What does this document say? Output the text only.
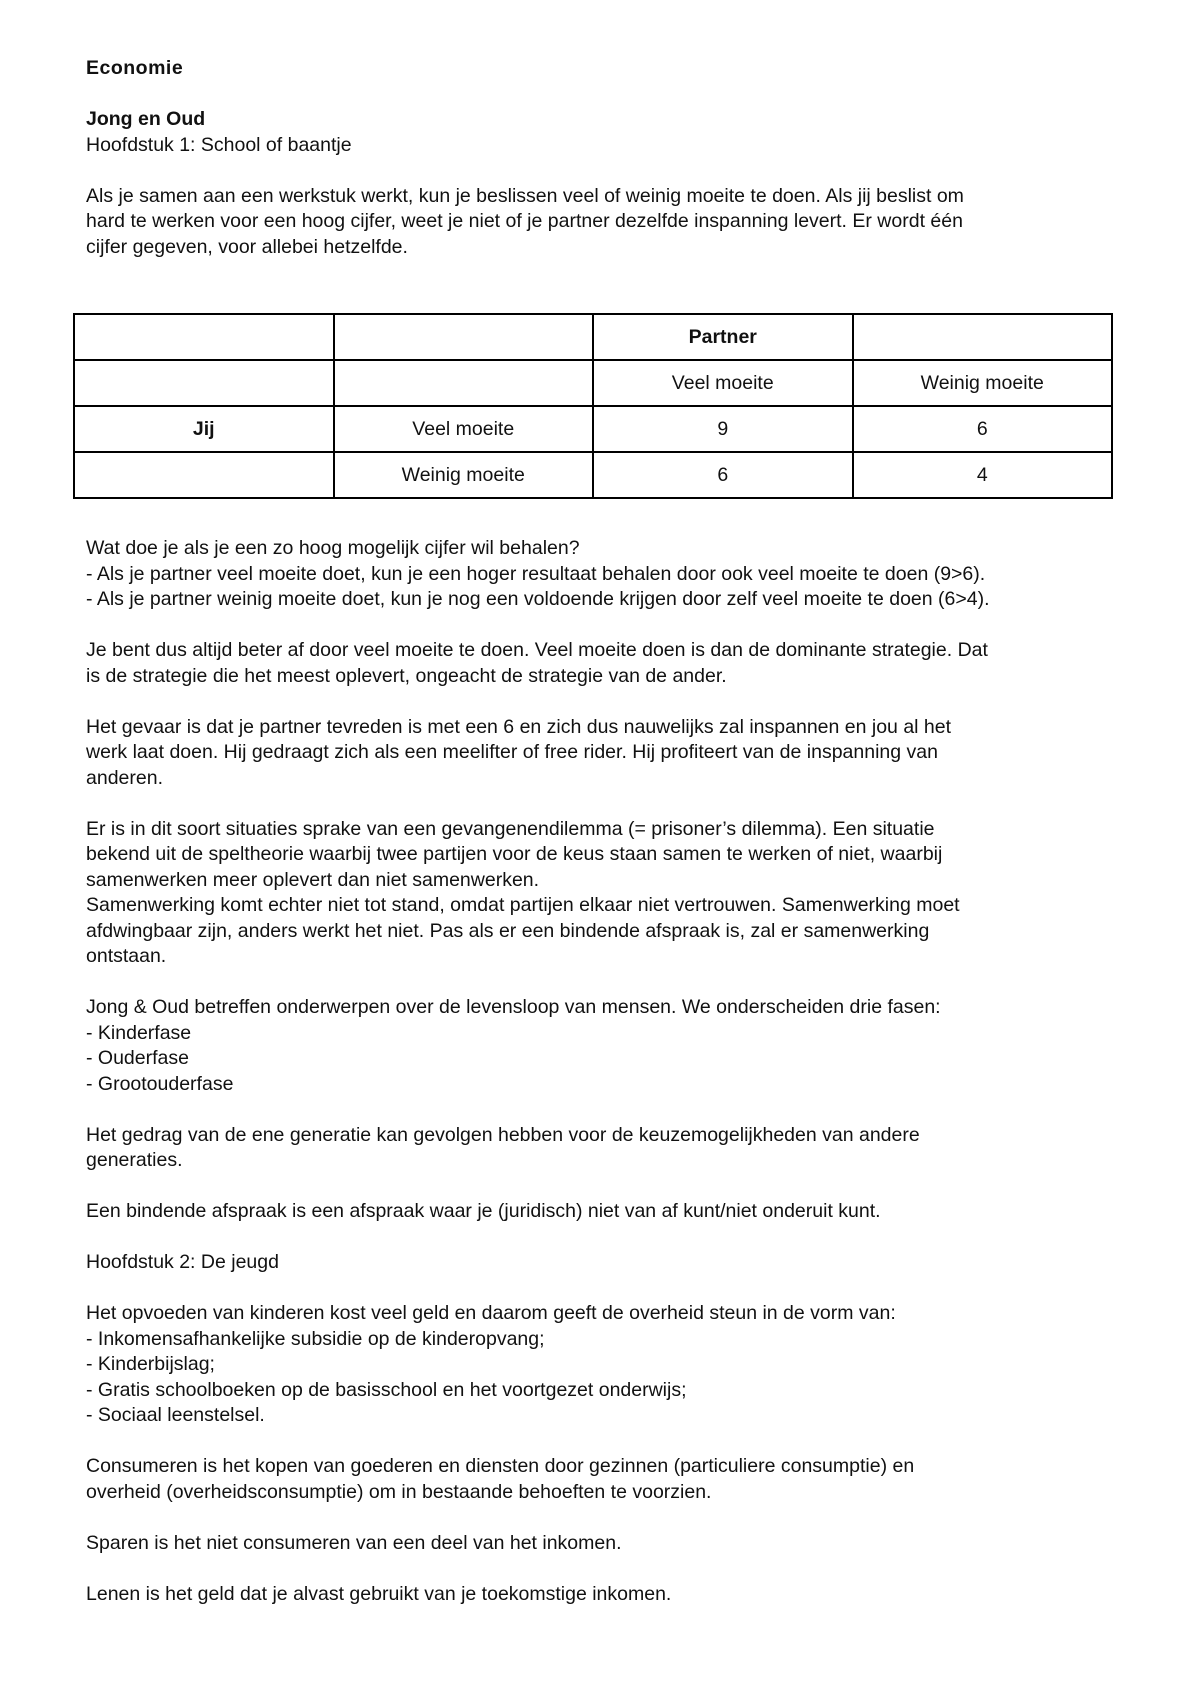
Economie

Jong en Oud

Hoofdstuk 1: School of baantje

Als je samen aan een werkstuk werkt, kun je beslissen veel of weinig moeite te doen. Als jij beslist om

hard te werken voor een hoog cijfer, weet je niet of je partner dezelfde inspanning levert. Er wordt één

cijfer gegeven, voor allebei hetzelfde.

		Partner	
		Veel moeite	Weinig moeite
Jij	Veel moeite	9	6
	Weinig moeite	6	4

Wat doe je als je een zo hoog mogelijk cijfer wil behalen?

- Als je partner veel moeite doet, kun je een hoger resultaat behalen door ook veel moeite te doen (9>6).

- Als je partner weinig moeite doet, kun je nog een voldoende krijgen door zelf veel moeite te doen (6>4).

Je bent dus altijd beter af door veel moeite te doen. Veel moeite doen is dan de dominante strategie. Dat

is de strategie die het meest oplevert, ongeacht de strategie van de ander.

Het gevaar is dat je partner tevreden is met een 6 en zich dus nauwelijks zal inspannen en jou al het

werk laat doen. Hij gedraagt zich als een meelifter of free rider. Hij profiteert van de inspanning van

anderen.

Er is in dit soort situaties sprake van een gevangenendilemma (= prisoner’s dilemma). Een situatie

bekend uit de speltheorie waarbij twee partijen voor de keus staan samen te werken of niet, waarbij

samenwerken meer oplevert dan niet samenwerken.

Samenwerking komt echter niet tot stand, omdat partijen elkaar niet vertrouwen. Samenwerking moet

afdwingbaar zijn, anders werkt het niet. Pas als er een bindende afspraak is, zal er samenwerking

ontstaan.

Jong & Oud betreffen onderwerpen over de levensloop van mensen. We onderscheiden drie fasen:

- Kinderfase

- Ouderfase

- Grootouderfase

Het gedrag van de ene generatie kan gevolgen hebben voor de keuzemogelijkheden van andere

generaties.

Een bindende afspraak is een afspraak waar je (juridisch) niet van af kunt/niet onderuit kunt.

Hoofdstuk 2: De jeugd

Het opvoeden van kinderen kost veel geld en daarom geeft de overheid steun in de vorm van:

- Inkomensafhankelijke subsidie op de kinderopvang;

- Kinderbijslag;

- Gratis schoolboeken op de basisschool en het voortgezet onderwijs;

- Sociaal leenstelsel.

Consumeren is het kopen van goederen en diensten door gezinnen (particuliere consumptie) en

overheid (overheidsconsumptie) om in bestaande behoeften te voorzien.

Sparen is het niet consumeren van een deel van het inkomen.

Lenen is het geld dat je alvast gebruikt van je toekomstige inkomen.
